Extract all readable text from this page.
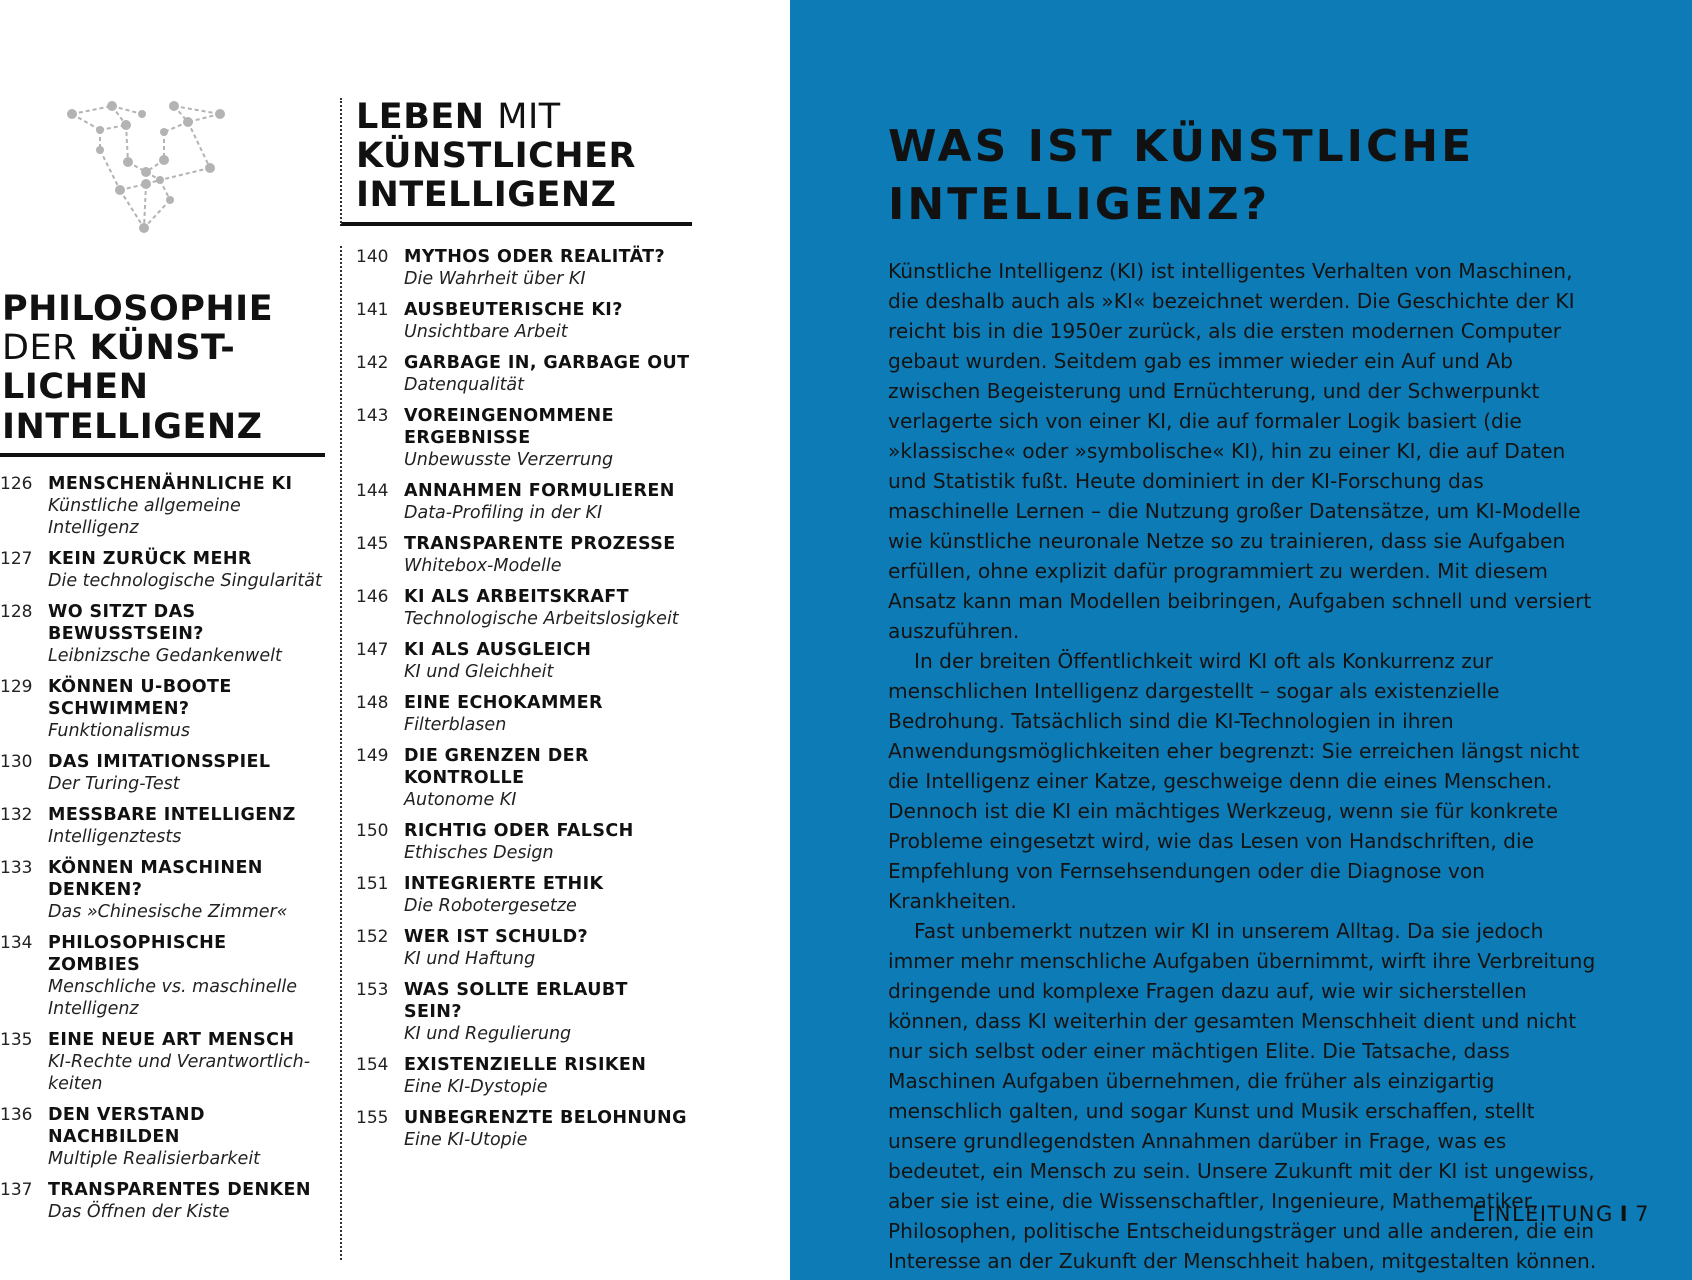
PHILOSOPHIE
DER KÜNST-
LICHEN
INTELLIGENZ
126 MENSCHENÄHNLICHE KI
Künstliche allgemeine Intelligenz
127 KEIN ZURÜCK MEHR
Die technologische Singularität
128 WO SITZT DAS BEWUSSTSEIN?
Leibnizsche Gedankenwelt
129 KÖNNEN U-BOOTE SCHWIMMEN?
Funktionalismus
130 DAS IMITATIONSSPIEL
Der Turing-Test
132 MESSBARE INTELLIGENZ
Intelligenztests
133 KÖNNEN MASCHINEN DENKEN?
Das »Chinesische Zimmer«
134 PHILOSOPHISCHE ZOMBIES
Menschliche vs. maschinelle Intelligenz
135 EINE NEUE ART MENSCH
KI-Rechte und Verantwortlich-keiten
136 DEN VERSTAND NACHBILDEN
Multiple Realisierbarkeit
137 TRANSPARENTES DENKEN
Das Öffnen der Kiste
LEBEN MIT
KÜNSTLICHER
INTELLIGENZ
140 MYTHOS ODER REALITÄT?
Die Wahrheit über KI
141 AUSBEUTERISCHE KI?
Unsichtbare Arbeit
142 GARBAGE IN, GARBAGE OUT
Datenqualität
143 VOREINGENOMMENE ERGEBNISSE
Unbewusste Verzerrung
144 ANNAHMEN FORMULIEREN
Data-Profiling in der KI
145 TRANSPARENTE PROZESSE
Whitebox-Modelle
146 KI ALS ARBEITSKRAFT
Technologische Arbeitslosigkeit
147 KI ALS AUSGLEICH
KI und Gleichheit
148 EINE ECHOKAMMER
Filterblasen
149 DIE GRENZEN DER KONTROLLE
Autonome KI
150 RICHTIG ODER FALSCH
Ethisches Design
151 INTEGRIERTE ETHIK
Die Robotergesetze
152 WER IST SCHULD?
KI und Haftung
153 WAS SOLLTE ERLAUBT SEIN?
KI und Regulierung
154 EXISTENZIELLE RISIKEN
Eine KI-Dystopie
155 UNBEGRENZTE BELOHNUNG
Eine KI-Utopie
WAS IST KÜNSTLICHE
INTELLIGENZ?

Künstliche Intelligenz (KI) ist intelligentes Verhalten von Maschinen, die deshalb auch als »KI« bezeichnet werden. Die Geschichte der KI reicht bis in die 1950er zurück, als die ersten modernen Computer gebaut wurden. Seitdem gab es immer wieder ein Auf und Ab zwischen Begeisterung und Ernüchterung, und der Schwerpunkt verlagerte sich von einer KI, die auf formaler Logik basiert (die »klassische« oder »symbolische« KI), hin zu einer KI, die auf Daten und Statistik fußt. Heute dominiert in der KI-Forschung das maschinelle Lernen – die Nutzung großer Datensätze, um KI-Modelle wie künstliche neuronale Netze so zu trainieren, dass sie Aufgaben erfüllen, ohne explizit dafür programmiert zu werden. Mit diesem Ansatz kann man Modellen beibringen, Aufgaben schnell und versiert auszuführen.

In der breiten Öffentlichkeit wird KI oft als Konkurrenz zur menschlichen Intelligenz dargestellt – sogar als existenzielle Bedrohung. Tatsächlich sind die KI-Technologien in ihren Anwendungsmöglichkeiten eher begrenzt: Sie erreichen längst nicht die Intelligenz einer Katze, geschweige denn die eines Menschen. Dennoch ist die KI ein mächtiges Werkzeug, wenn sie für konkrete Probleme eingesetzt wird, wie das Lesen von Handschriften, die Empfehlung von Fernsehsendungen oder die Diagnose von Krankheiten.

Fast unbemerkt nutzen wir KI in unserem Alltag. Da sie jedoch immer mehr menschliche Aufgaben übernimmt, wirft ihre Verbreitung dringende und komplexe Fragen dazu auf, wie wir sicherstellen können, dass KI weiterhin der gesamten Menschheit dient und nicht nur sich selbst oder einer mächtigen Elite. Die Tatsache, dass Maschinen Aufgaben übernehmen, die früher als einzigartig menschlich galten, und sogar Kunst und Musik erschaffen, stellt unsere grundlegendsten Annahmen darüber in Frage, was es bedeutet, ein Mensch zu sein. Unsere Zukunft mit der KI ist ungewiss, aber sie ist eine, die Wissenschaftler, Ingenieure, Mathematiker, Philosophen, politische Entscheidungsträger und alle anderen, die ein Interesse an der Zukunft der Menschheit haben, mitgestalten können.

EINLEITUNG I 7
